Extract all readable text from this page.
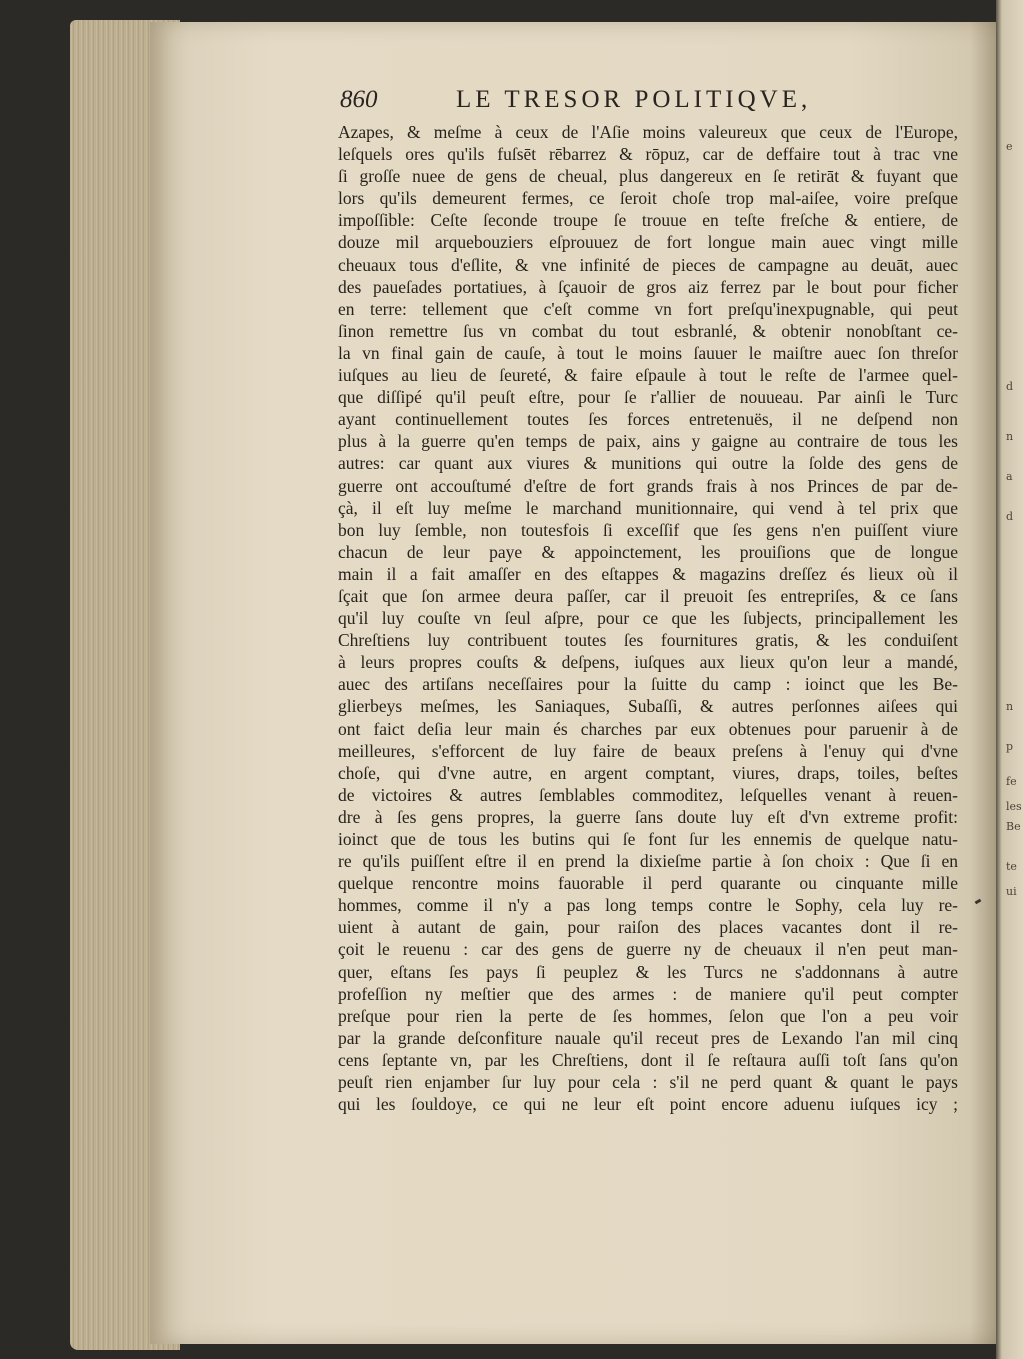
e
d
n
a
d
n
p
fe
les
Be
te
ui
860	LE TRESOR POLITIQVE,
Azapes, & meſme à ceux de l'Aſie moins valeureux que ceux de l'Europe,
leſquels ores qu'ils fuſsēt rēbarrez & rōpuz, car de deffaire tout à trac vne
ſi groſſe nuee de gens de cheual, plus dangereux en ſe retirāt & fuyant que
lors qu'ils demeurent fermes, ce ſeroit choſe trop mal-aiſee, voire preſque
impoſſible: Ceſte ſeconde troupe ſe trouue en teſte freſche & entiere, de
douze mil arquebouziers eſprouuez de fort longue main auec vingt mille
cheuaux tous d'eſlite, & vne infinité de pieces de campagne au deuāt, auec
des paueſades portatiues, à ſçauoir de gros aiz ferrez par le bout pour ficher
en terre: tellement que c'eſt comme vn fort preſqu'inexpugnable, qui peut
ſinon remettre ſus vn combat du tout esbranlé, & obtenir nonobſtant ce-
la vn final gain de cauſe, à tout le moins ſauuer le maiſtre auec ſon threſor
iuſques au lieu de ſeureté, & faire eſpaule à tout le reſte de l'armee quel-
que diſſipé qu'il peuſt eſtre, pour ſe r'allier de nouueau. Par ainſi le Turc
ayant continuellement toutes ſes forces entretenuës, il ne deſpend non
plus à la guerre qu'en temps de paix, ains y gaigne au contraire de tous les
autres: car quant aux viures & munitions qui outre la ſolde des gens de
guerre ont accouſtumé d'eſtre de fort grands frais à nos Princes de par de-
çà, il eſt luy meſme le marchand munitionnaire, qui vend à tel prix que
bon luy ſemble, non toutesfois ſi exceſſif que ſes gens n'en puiſſent viure
chacun de leur paye & appoinctement, les prouiſions que de longue
main il a fait amaſſer en des eſtappes & magazins dreſſez és lieux où il
ſçait que ſon armee deura paſſer, car il preuoit ſes entrepriſes, & ce ſans
qu'il luy couſte vn ſeul aſpre, pour ce que les ſubjects, principallement les
Chreſtiens luy contribuent toutes ſes fournitures gratis, & les conduiſent
à leurs propres couſts & deſpens, iuſques aux lieux qu'on leur a mandé,
auec des artiſans neceſſaires pour la ſuitte du camp : ioinct que les Be-
glierbeys meſmes, les Saniaques, Subaſſi, & autres perſonnes aiſees qui
ont faict deſia leur main és charches par eux obtenues pour paruenir à de
meilleures, s'efforcent de luy faire de beaux preſens à l'enuy qui d'vne
choſe, qui d'vne autre, en argent comptant, viures, draps, toiles, beſtes
de victoires & autres ſemblables commoditez, leſquelles venant à reuen-
dre à ſes gens propres, la guerre ſans doute luy eſt d'vn extreme profit:
ioinct que de tous les butins qui ſe font ſur les ennemis de quelque natu-
re qu'ils puiſſent eſtre il en prend la dixieſme partie à ſon choix : Que ſi en
quelque rencontre moins fauorable il perd quarante ou cinquante mille
hommes, comme il n'y a pas long temps contre le Sophy, cela luy re-
uient à autant de gain, pour raiſon des places vacantes dont il re-
çoit le reuenu : car des gens de guerre ny de cheuaux il n'en peut man-
quer, eſtans ſes pays ſi peuplez & les Turcs ne s'addonnans à autre
profeſſion ny meſtier que des armes : de maniere qu'il peut compter
preſque pour rien la perte de ſes hommes, ſelon que l'on a peu voir
par la grande deſconfiture nauale qu'il receut pres de Lexando l'an mil cinq
cens ſeptante vn, par les Chreſtiens, dont il ſe reſtaura auſſi toſt ſans qu'on
peuſt rien enjamber ſur luy pour cela : s'il ne perd quant & quant le pays
qui les ſouldoye, ce qui ne leur eſt point encore aduenu iuſques icy ;
